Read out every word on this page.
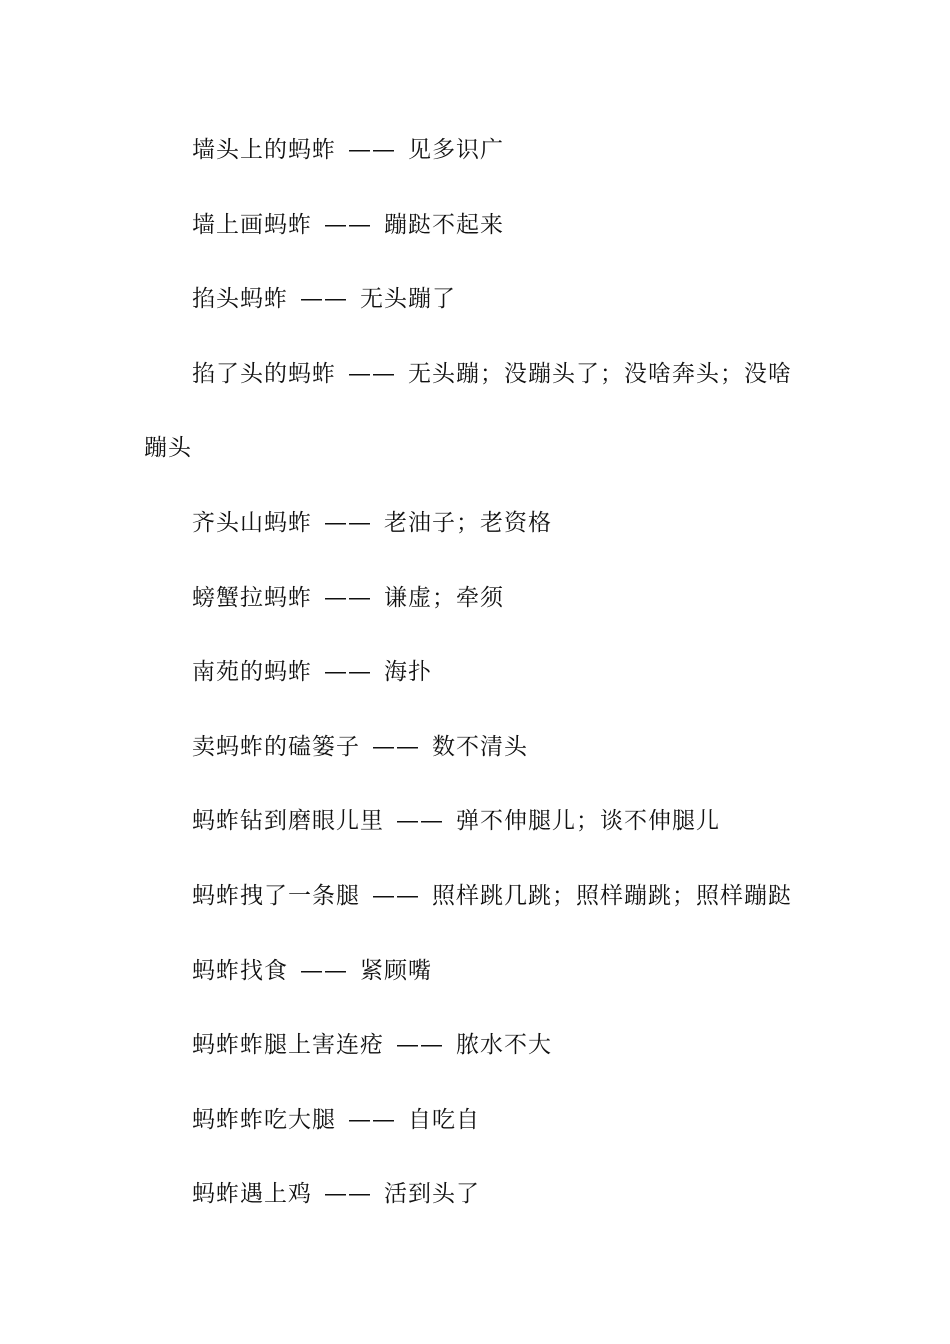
墙头上的蚂蚱 —— 见多识广

墙上画蚂蚱 —— 蹦跶不起来

掐头蚂蚱 —— 无头蹦了

掐了头的蚂蚱 —— 无头蹦；没蹦头了；没啥奔头；没啥蹦头

齐头山蚂蚱 —— 老油子；老资格

螃蟹拉蚂蚱 —— 谦虚；牵须

南苑的蚂蚱 —— 海扑

卖蚂蚱的磕篓子 —— 数不清头

蚂蚱钻到磨眼儿里 —— 弹不伸腿儿；谈不伸腿儿

蚂蚱拽了一条腿 —— 照样跳几跳；照样蹦跳；照样蹦跶

蚂蚱找食 —— 紧顾嘴

蚂蚱蚱腿上害连疮 —— 脓水不大

蚂蚱蚱吃大腿 —— 自吃自

蚂蚱遇上鸡 —— 活到头了
